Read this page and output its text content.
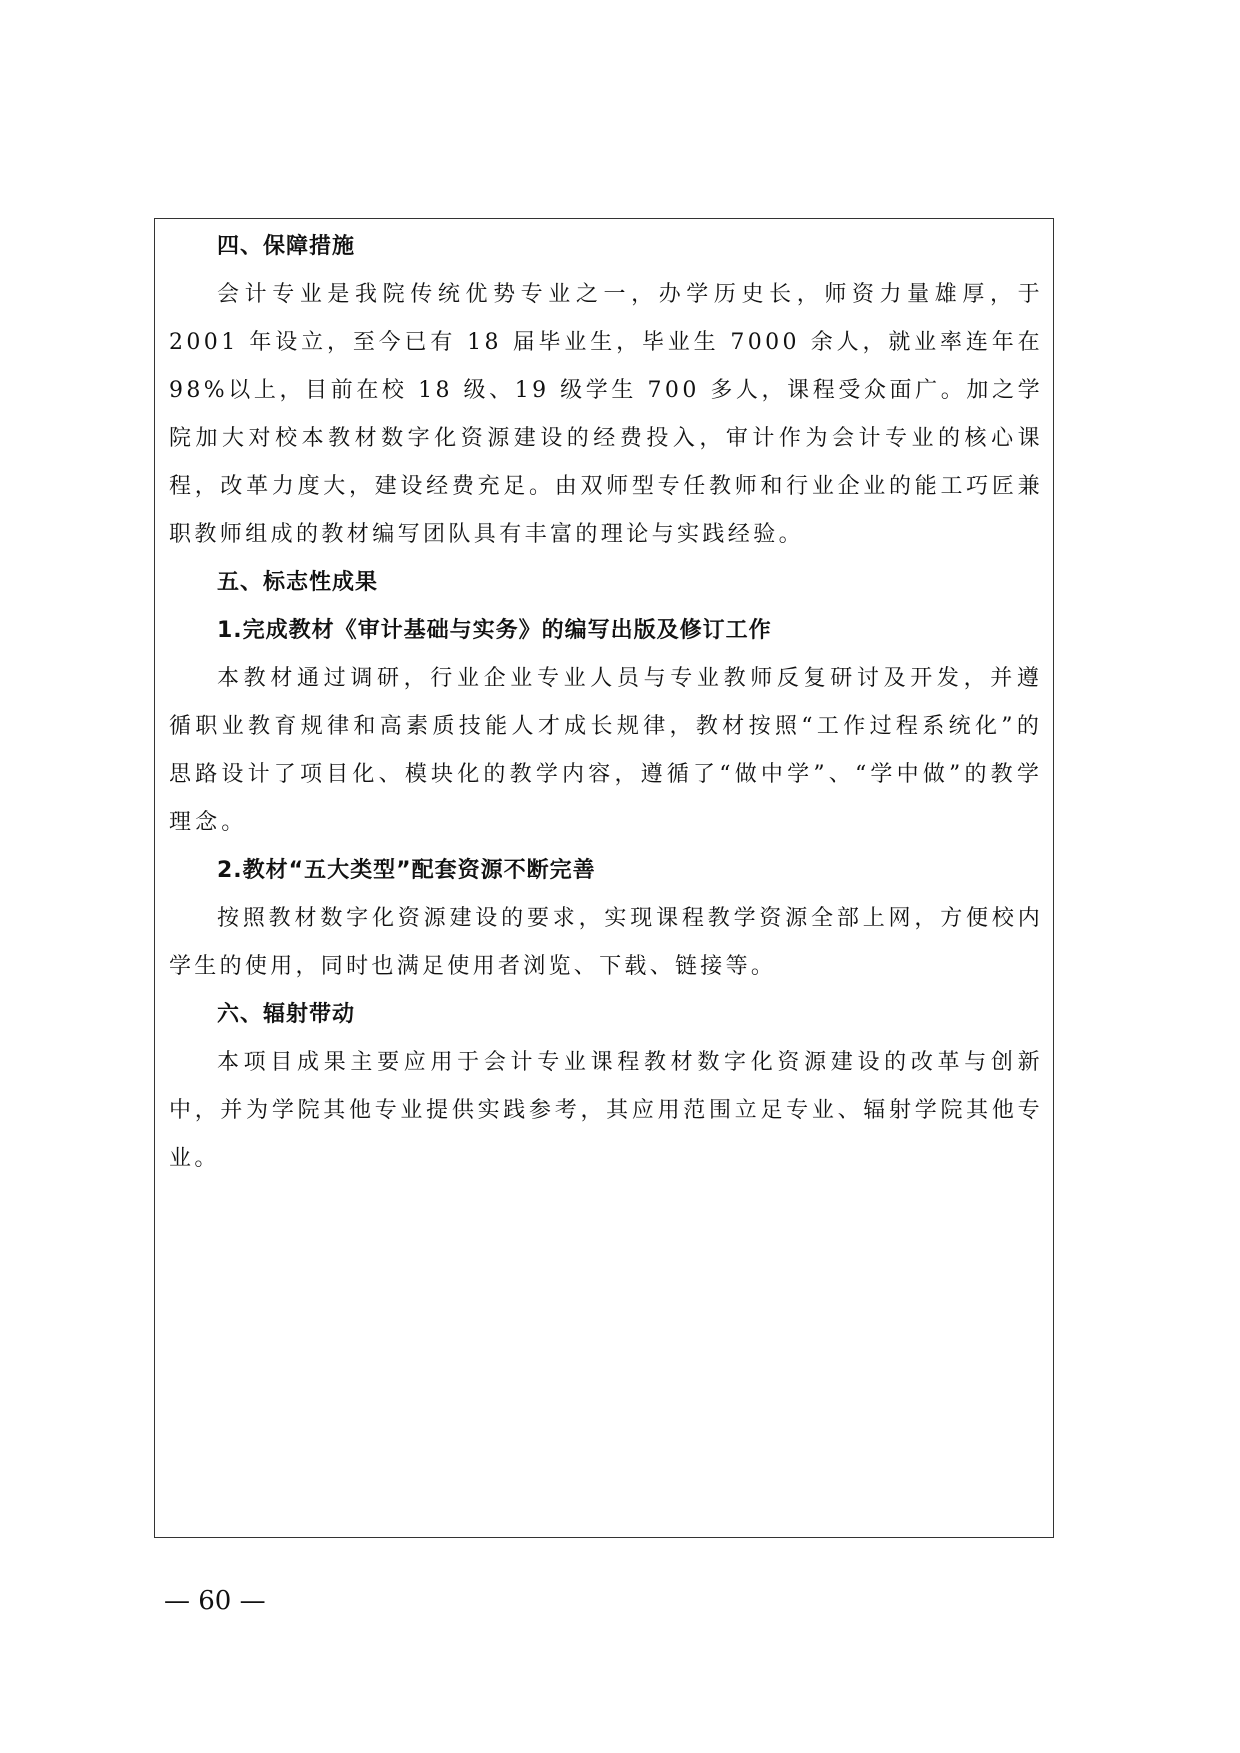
四、保障措施

会计专业是我院传统优势专业之一，办学历史长，师资力量雄厚，于 2001 年设立，至今已有 18 届毕业生，毕业生 7000 余人，就业率连年在 98%以上，目前在校 18 级、19 级学生 700 多人，课程受众面广。加之学院加大对校本教材数字化资源建设的经费投入，审计作为会计专业的核心课程，改革力度大，建设经费充足。由双师型专任教师和行业企业的能工巧匠兼职教师组成的教材编写团队具有丰富的理论与实践经验。

五、标志性成果
1.完成教材《审计基础与实务》的编写出版及修订工作

本教材通过调研，行业企业专业人员与专业教师反复研讨及开发，并遵循职业教育规律和高素质技能人才成长规律，教材按照“工作过程系统化”的思路设计了项目化、模块化的教学内容，遵循了“做中学”、“学中做”的教学理念。

2.教材“五大类型”配套资源不断完善

按照教材数字化资源建设的要求，实现课程教学资源全部上网，方便校内学生的使用，同时也满足使用者浏览、下载、链接等。

六、辐射带动

本项目成果主要应用于会计专业课程教材数字化资源建设的改革与创新中，并为学院其他专业提供实践参考，其应用范围立足专业、辐射学院其他专业。

— 60 —
